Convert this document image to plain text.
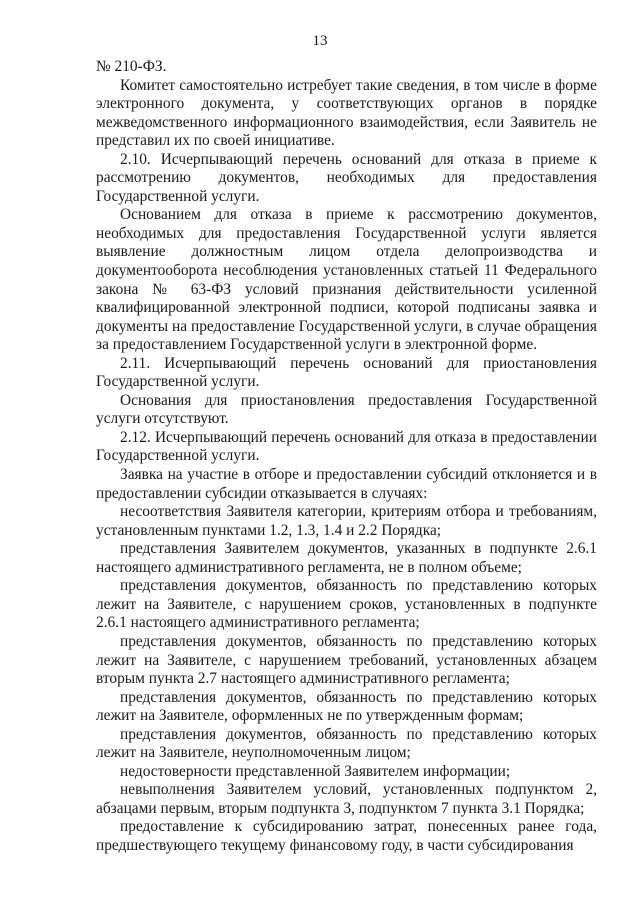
13

№ 210-ФЗ.

Комитет самостоятельно истребует такие сведения, в том числе в форме электронного документа, у соответствующих органов в порядке межведомственного информационного взаимодействия, если Заявитель не представил их по своей инициативе.

2.10. Исчерпывающий перечень оснований для отказа в приеме к рассмотрению документов, необходимых для предоставления Государственной услуги.

Основанием для отказа в приеме к рассмотрению документов, необходимых для предоставления Государственной услуги является выявление должностным лицом отдела делопроизводства и документооборота несоблюдения установленных статьей 11 Федерального закона № 63-ФЗ условий признания действительности усиленной квалифицированной электронной подписи, которой подписаны заявка и документы на предоставление Государственной услуги, в случае обращения за предоставлением Государственной услуги в электронной форме.

2.11. Исчерпывающий перечень оснований для приостановления Государственной услуги.

Основания для приостановления предоставления Государственной услуги отсутствуют.

2.12. Исчерпывающий перечень оснований для отказа в предоставлении Государственной услуги.

Заявка на участие в отборе и предоставлении субсидий отклоняется и в предоставлении субсидии отказывается в случаях:

несоответствия Заявителя категории, критериям отбора и требованиям, установленным пунктами 1.2, 1.3, 1.4 и 2.2 Порядка;

представления Заявителем документов, указанных в подпункте 2.6.1 настоящего административного регламента, не в полном объеме;

представления документов, обязанность по представлению которых лежит на Заявителе, с нарушением сроков, установленных в подпункте 2.6.1 настоящего административного регламента;

представления документов, обязанность по представлению которых лежит на Заявителе, с нарушением требований, установленных абзацем вторым пункта 2.7 настоящего административного регламента;

представления документов, обязанность по представлению которых лежит на Заявителе, оформленных не по утвержденным формам;

представления документов, обязанность по представлению которых лежит на Заявителе, неуполномоченным лицом;

недостоверности представленной Заявителем информации;

невыполнения Заявителем условий, установленных подпунктом 2, абзацами первым, вторым подпункта 3, подпунктом 7 пункта 3.1 Порядка;

предоставление к субсидированию затрат, понесенных ранее года, предшествующего текущему финансовому году, в части субсидирования
